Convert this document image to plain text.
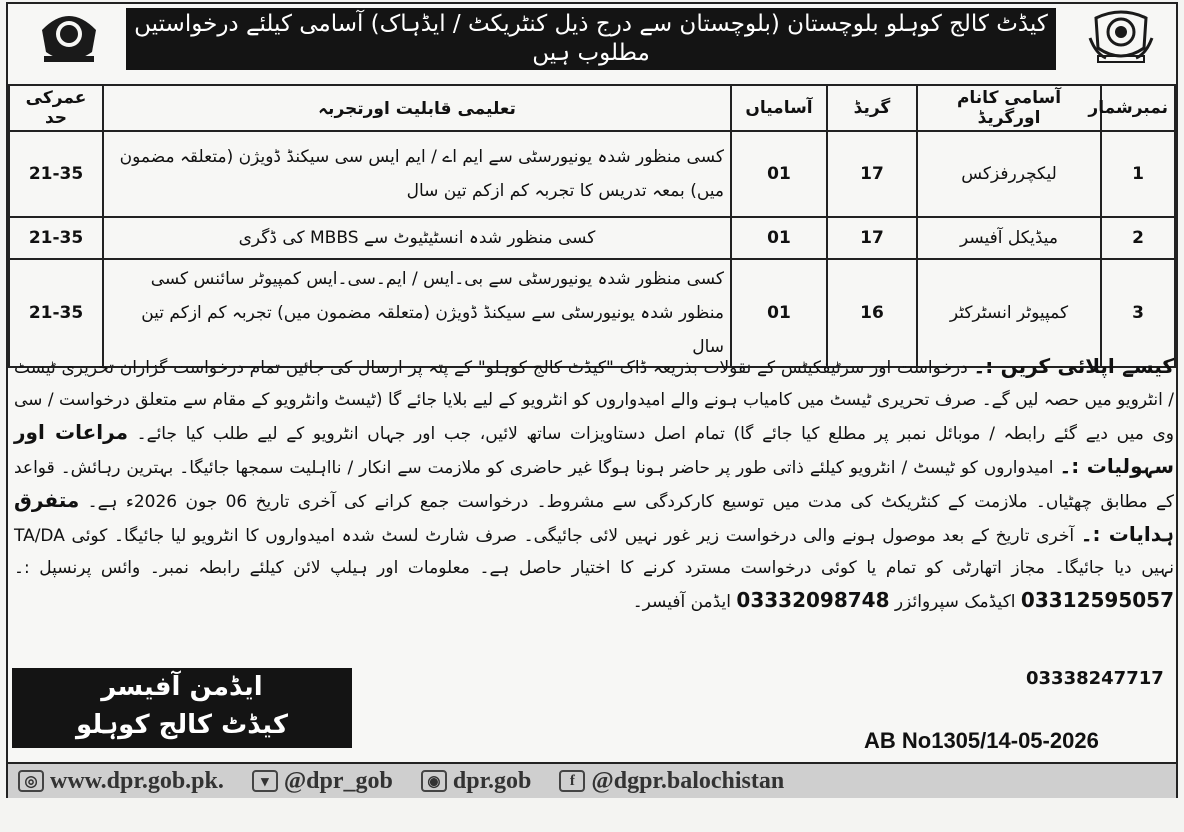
کیڈٹ کالج کوہلو بلوچستان (بلوچستان سے درج ذیل کنٹریکٹ / ایڈہاک) آسامی کیلئے درخواستیں مطلوب ہیں
عمرکی حد	تعلیمی قابلیت اورتجربہ	آسامیاں	گریڈ	آسامی کانام اورگریڈ	نمبرشمار
21-35	کسی منظور شدہ یونیورسٹی سے ایم اے / ایم ایس سی سیکنڈ ڈویژن (متعلقہ مضمون میں) بمعہ تدریس کا تجربہ کم ازکم تین سال	01	17	لیکچررفزکس	1
21-35	کسی منظور شدہ انسٹیٹیوٹ سے MBBS کی ڈگری	01	17	میڈیکل آفیسر	2
21-35	کسی منظور شدہ یونیورسٹی سے بی۔ایس / ایم۔سی۔ایس کمپیوٹر سائنس کسی منظور شدہ یونیورسٹی سے سیکنڈ ڈویژن (متعلقہ مضمون میں) تجربہ کم ازکم تین سال	01	16	کمپیوٹر انسٹرکٹر	3
کیسے اپلائی کریں :۔ درخواست اور سرٹیفکیٹس کے نقولات بذریعہ ڈاک "کیڈٹ کالج کوہلو" کے پتہ پر ارسال کی جائیں تمام درخواست گزاران تحریری ٹیسٹ / انٹرویو میں حصہ لیں گے۔ صرف تحریری ٹیسٹ میں کامیاب ہونے والے امیدواروں کو انٹرویو کے لیے بلایا جائے گا (ٹیسٹ وانٹرویو کے مقام سے متعلق درخواست / سی وی میں دیے گئے رابطہ / موبائل نمبر پر مطلع کیا جائے گا) تمام اصل دستاویزات ساتھ لائیں، جب اور جہاں انٹرویو کے لیے طلب کیا جائے۔ مراعات اور سہولیات :۔ امیدواروں کو ٹیسٹ / انٹرویو کیلئے ذاتی طور پر حاضر ہونا ہوگا غیر حاضری کو ملازمت سے انکار / نااہلیت سمجھا جائیگا۔ بہترین رہائش۔ قواعد کے مطابق چھٹیاں۔ ملازمت کے کنٹریکٹ کی مدت میں توسیع کارکردگی سے مشروط۔ درخواست جمع کرانے کی آخری تاریخ 06 جون 2026ء ہے۔ متفرق ہدایات :۔ آخری تاریخ کے بعد موصول ہونے والی درخواست زیر غور نہیں لائی جائیگی۔ صرف شارٹ لسٹ شدہ امیدواروں کا انٹرویو لیا جائیگا۔ کوئی TA/DA نہیں دیا جائیگا۔ مجاز اتھارٹی کو تمام یا کوئی درخواست مسترد کرنے کا اختیار حاصل ہے۔ معلومات اور ہیلپ لائن کیلئے رابطہ نمبر۔ وائس پرنسپل :۔ 03312595057 اکیڈمک سپروائزر 03332098748 ایڈمن آفیسر۔
03338247717
ایڈمن آفیسر
کیڈٹ کالج کوہلو
AB No1305/14-05-2026
◎ www.dpr.gob.pk.	▾ @dpr_gob	◉ dpr.gob	f @dgpr.balochistan
